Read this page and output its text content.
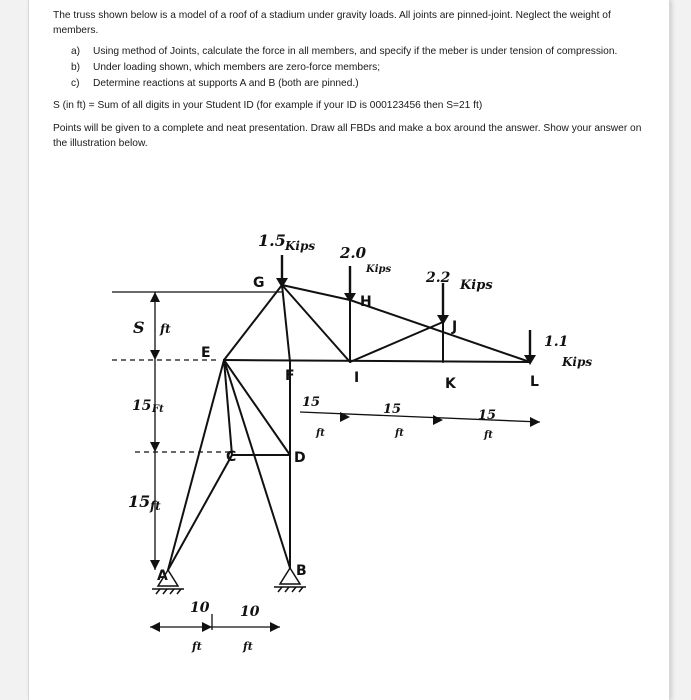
The truss shown below is a model of a roof of a stadium under gravity loads. All joints are pinned-joint. Neglect the weight of members.

a) Using method of Joints, calculate the force in all members, and specify if the meber is under tension of compression.
b) Under loading shown, which members are zero-force members;
c) Determine reactions at supports A and B (both are pinned.)

S (in ft) = Sum of all digits in your Student ID (for example if your ID is 000123456 then S=21 ft)

Points will be given to a complete and neat presentation. Draw all FBDs and make a box around the answer. Show your answer on the illustration below.

A	B
C	D
E
F
G
H
I
J
K	L
1.5 Kips 2.0
Kips
2.2 Kips
1.1
Kips
S ft
15 Ft
15 ft
15
ft
15
ft
15
ft
10
ft
10
ft
